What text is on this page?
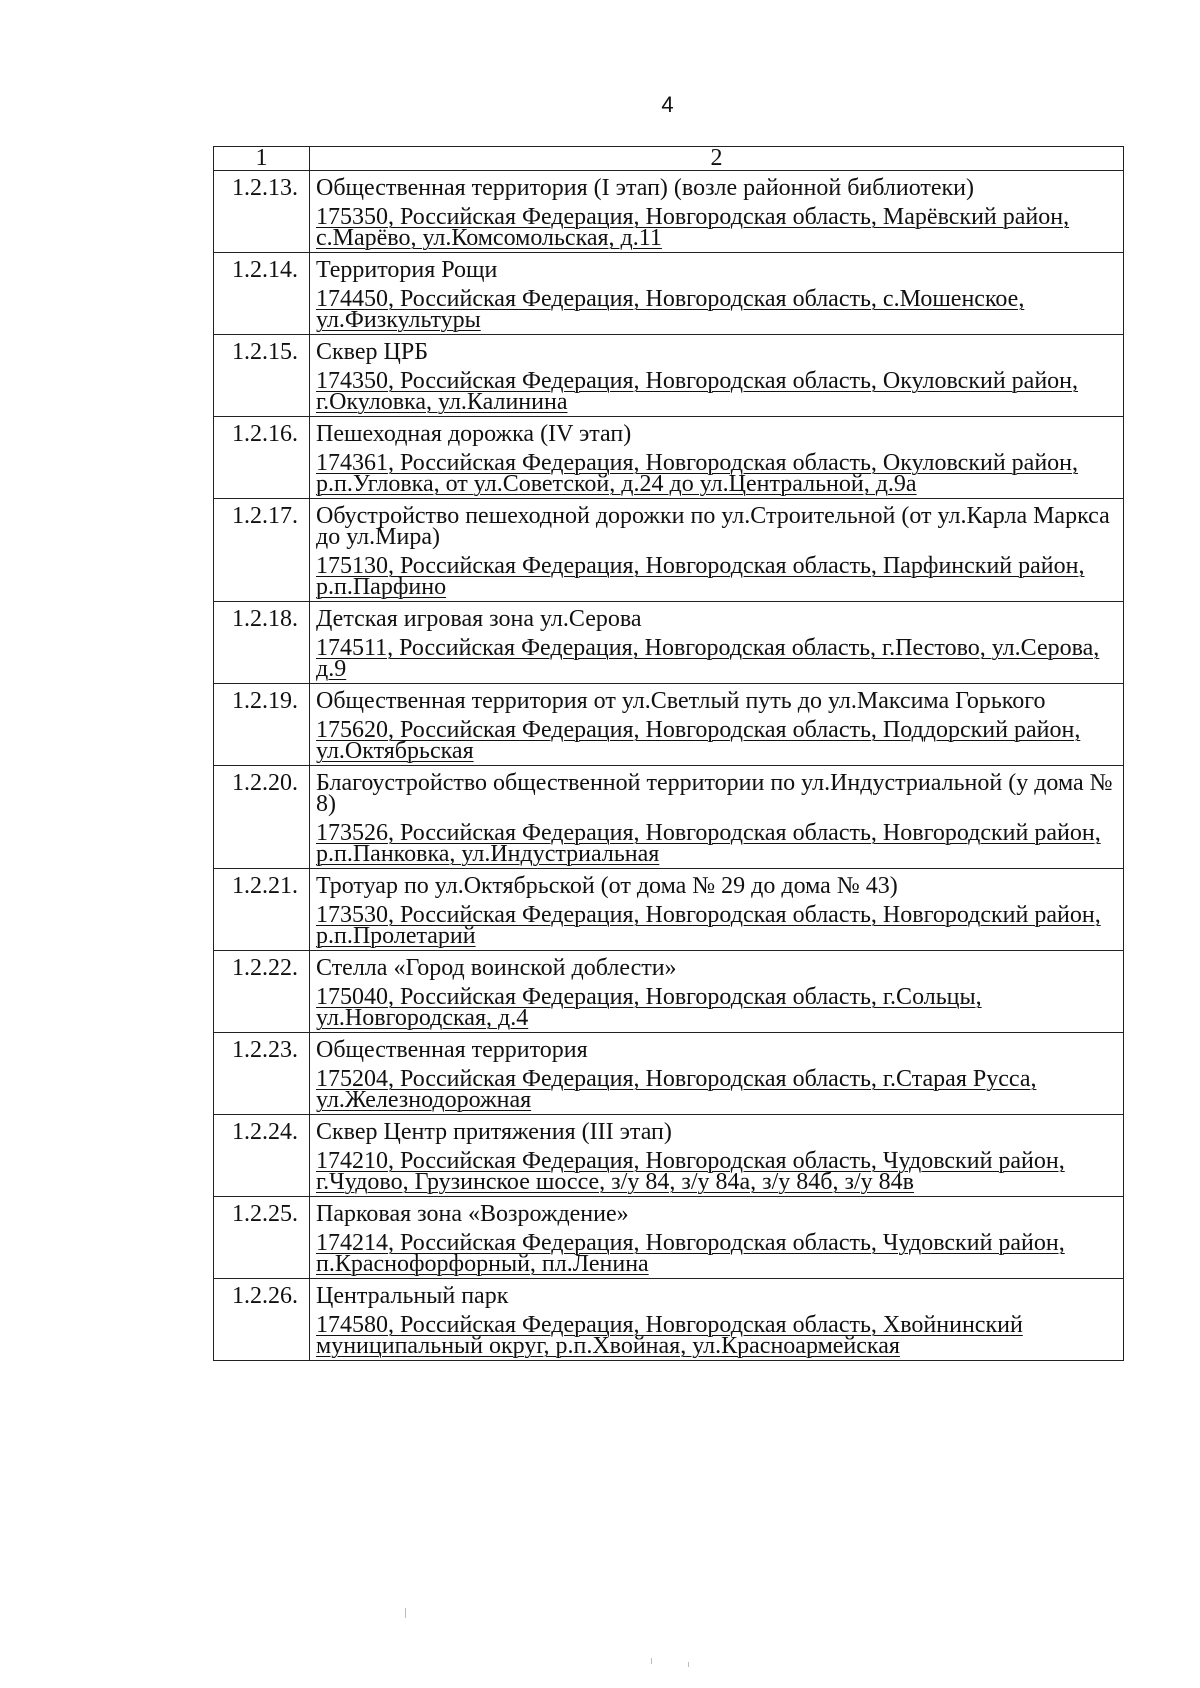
4
1	2
1.2.13.	Общественная территория (I этап) (возле районной библиотеки)
	175350, Российская Федерация, Новгородская область, Марёвский район, с.Марёво, ул.Комсомольская, д.11
1.2.14.	Территория Рощи
	174450, Российская Федерация, Новгородская область, с.Мошенское, ул.Физкультуры
1.2.15.	Сквер ЦРБ
	174350, Российская Федерация, Новгородская область, Окуловский район, г.Окуловка, ул.Калинина
1.2.16.	Пешеходная дорожка (IV этап)
	174361, Российская Федерация, Новгородская область, Окуловский район, р.п.Угловка, от ул.Советской, д.24 до ул.Центральной, д.9а
1.2.17.	Обустройство пешеходной дорожки по ул.Строительной (от ул.Карла Маркса до ул.Мира)
	175130, Российская Федерация, Новгородская область, Парфинский район, р.п.Парфино
1.2.18.	Детская игровая зона ул.Серова
	174511, Российская Федерация, Новгородская область, г.Пестово, ул.Серова, д.9
1.2.19.	Общественная территория от ул.Светлый путь до ул.Максима Горького
	175620, Российская Федерация, Новгородская область, Поддорский район, ул.Октябрьская
1.2.20.	Благоустройство общественной территории по ул.Индустриальной (у дома № 8)
	173526, Российская Федерация, Новгородская область, Новгородский район, р.п.Панковка, ул.Индустриальная
1.2.21.	Тротуар по ул.Октябрьской (от дома № 29 до дома № 43)
	173530, Российская Федерация, Новгородская область, Новгородский район, р.п.Пролетарий
1.2.22.	Стелла «Город воинской доблести»
	175040, Российская Федерация, Новгородская область, г.Сольцы, ул.Новгородская, д.4
1.2.23.	Общественная территория
	175204, Российская Федерация, Новгородская область, г.Старая Русса, ул.Железнодорожная
1.2.24.	Сквер Центр притяжения (III этап)
	174210, Российская Федерация, Новгородская область, Чудовский район, г.Чудово, Грузинское шоссе, з/у 84, з/у 84а, з/у 84б, з/у 84в
1.2.25.	Парковая зона «Возрождение»
	174214, Российская Федерация, Новгородская область, Чудовский район, п.Краснофорфорный, пл.Ленина
1.2.26.	Центральный парк
	174580, Российская Федерация, Новгородская область, Хвойнинский муниципальный округ, р.п.Хвойная, ул.Красноармейская
